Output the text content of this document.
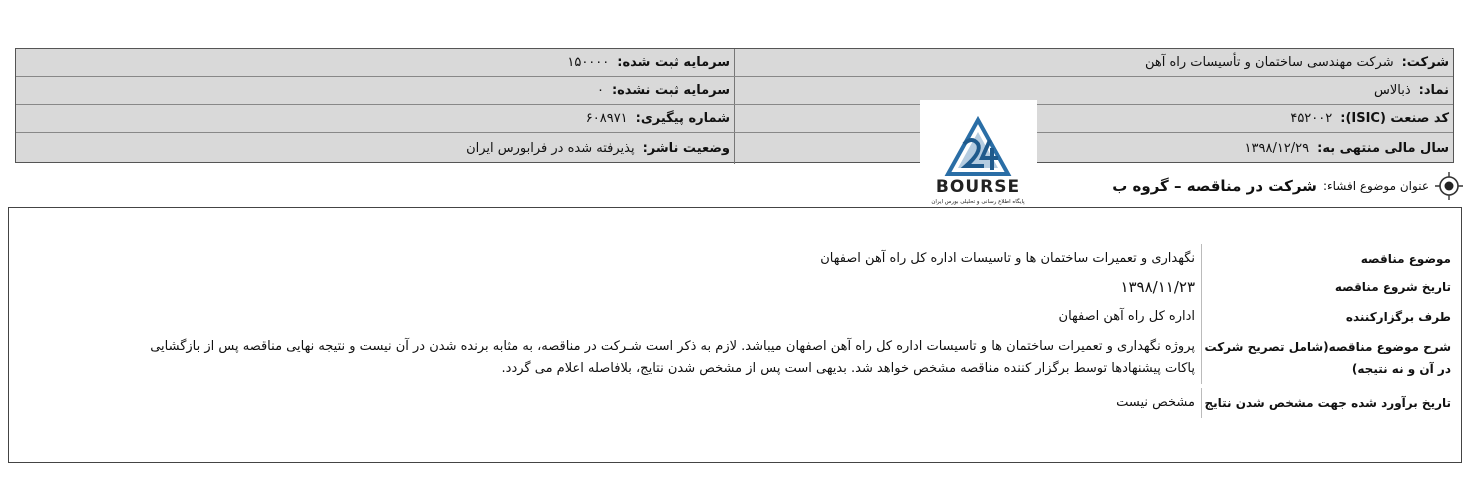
شرکت:
شرکت مهندسی ساختمان و تأسیسات راه آهن
سرمایه ثبت شده:
۱۵۰۰۰۰
نماد:
ذبالاس
سرمایه ثبت نشده:
۰
کد صنعت (ISIC):
۴۵۲۰۰۲
شماره پیگیری:
۶۰۸۹۷۱
سال مالی منتهی به:
۱۳۹۸/۱۲/۲۹
وضعیت ناشر:
پذیرفته شده در فرابورس ایران
BOURSE
پایگاه اطلاع رسانی و تحلیلی بورس ایران
عنوان موضوع افشاء:
شرکت در مناقصه – گروه ب
موضوع مناقصه
نگهداری و تعمیرات ساختمان ها و تاسیسات اداره کل راه آهن اصفهان
تاریخ شروع مناقصه
۱۳۹۸/۱۱/۲۳
طرف برگزارکننده
اداره کل راه آهن اصفهان
شرح موضوع مناقصه(شامل تصریح شرکت در آن و نه نتیجه)
پروژه نگهداری و تعمیرات ساختمان ها و تاسیسات اداره کل راه آهن اصفهان میباشد. لازم به ذکر است شـرکت در مناقصه، به مثابه برنده شدن در آن نیست و نتیجه نهایی مناقصه پس از بازگشایی پاکات پیشنهادها توسط برگزار کننده مناقصه مشخص خواهد شد. بدیهی است پس از مشخص شدن نتایج، بلافاصله اعلام می گردد.
تاریخ برآورد شده جهت مشخص شدن نتایج
مشخص نیست
